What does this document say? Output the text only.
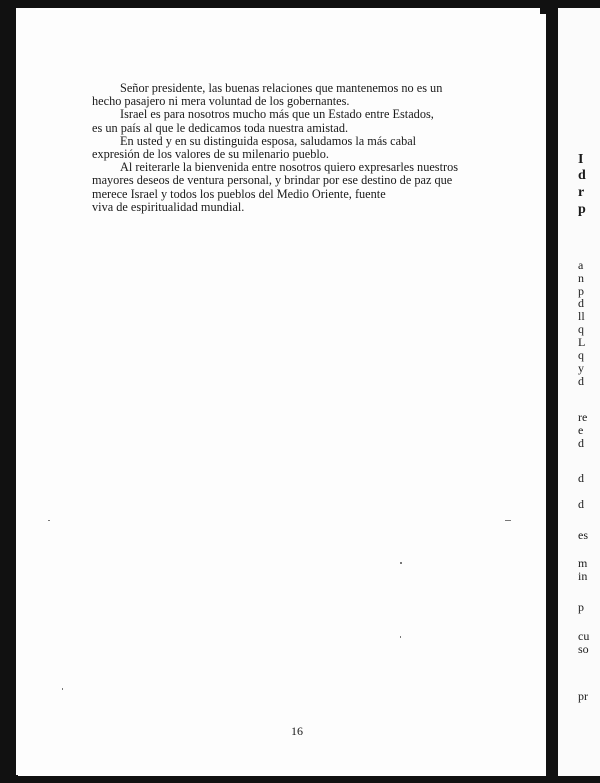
Señor presidente, las buenas relaciones que mantenemos no es un

hecho pasajero ni mera voluntad de los gobernantes.

Israel es para nosotros mucho más que un Estado entre Estados,

es un país al que le dedicamos toda nuestra amistad.

En usted y en su distinguida esposa, saludamos la más cabal

expresión de los valores de su milenario pueblo.

Al reiterarle la bienvenida entre nosotros quiero expresarles nuestros

mayores deseos de ventura personal, y brindar por ese destino de paz que

merece Israel y todos los pueblos del Medio Oriente, fuente

viva de espiritualidad mundial.

16
I
d
r
p
a
n
p
d
ll
q
L
q
y
d
re
e
d
d
d
es
m
in
p
cu
so
pr
